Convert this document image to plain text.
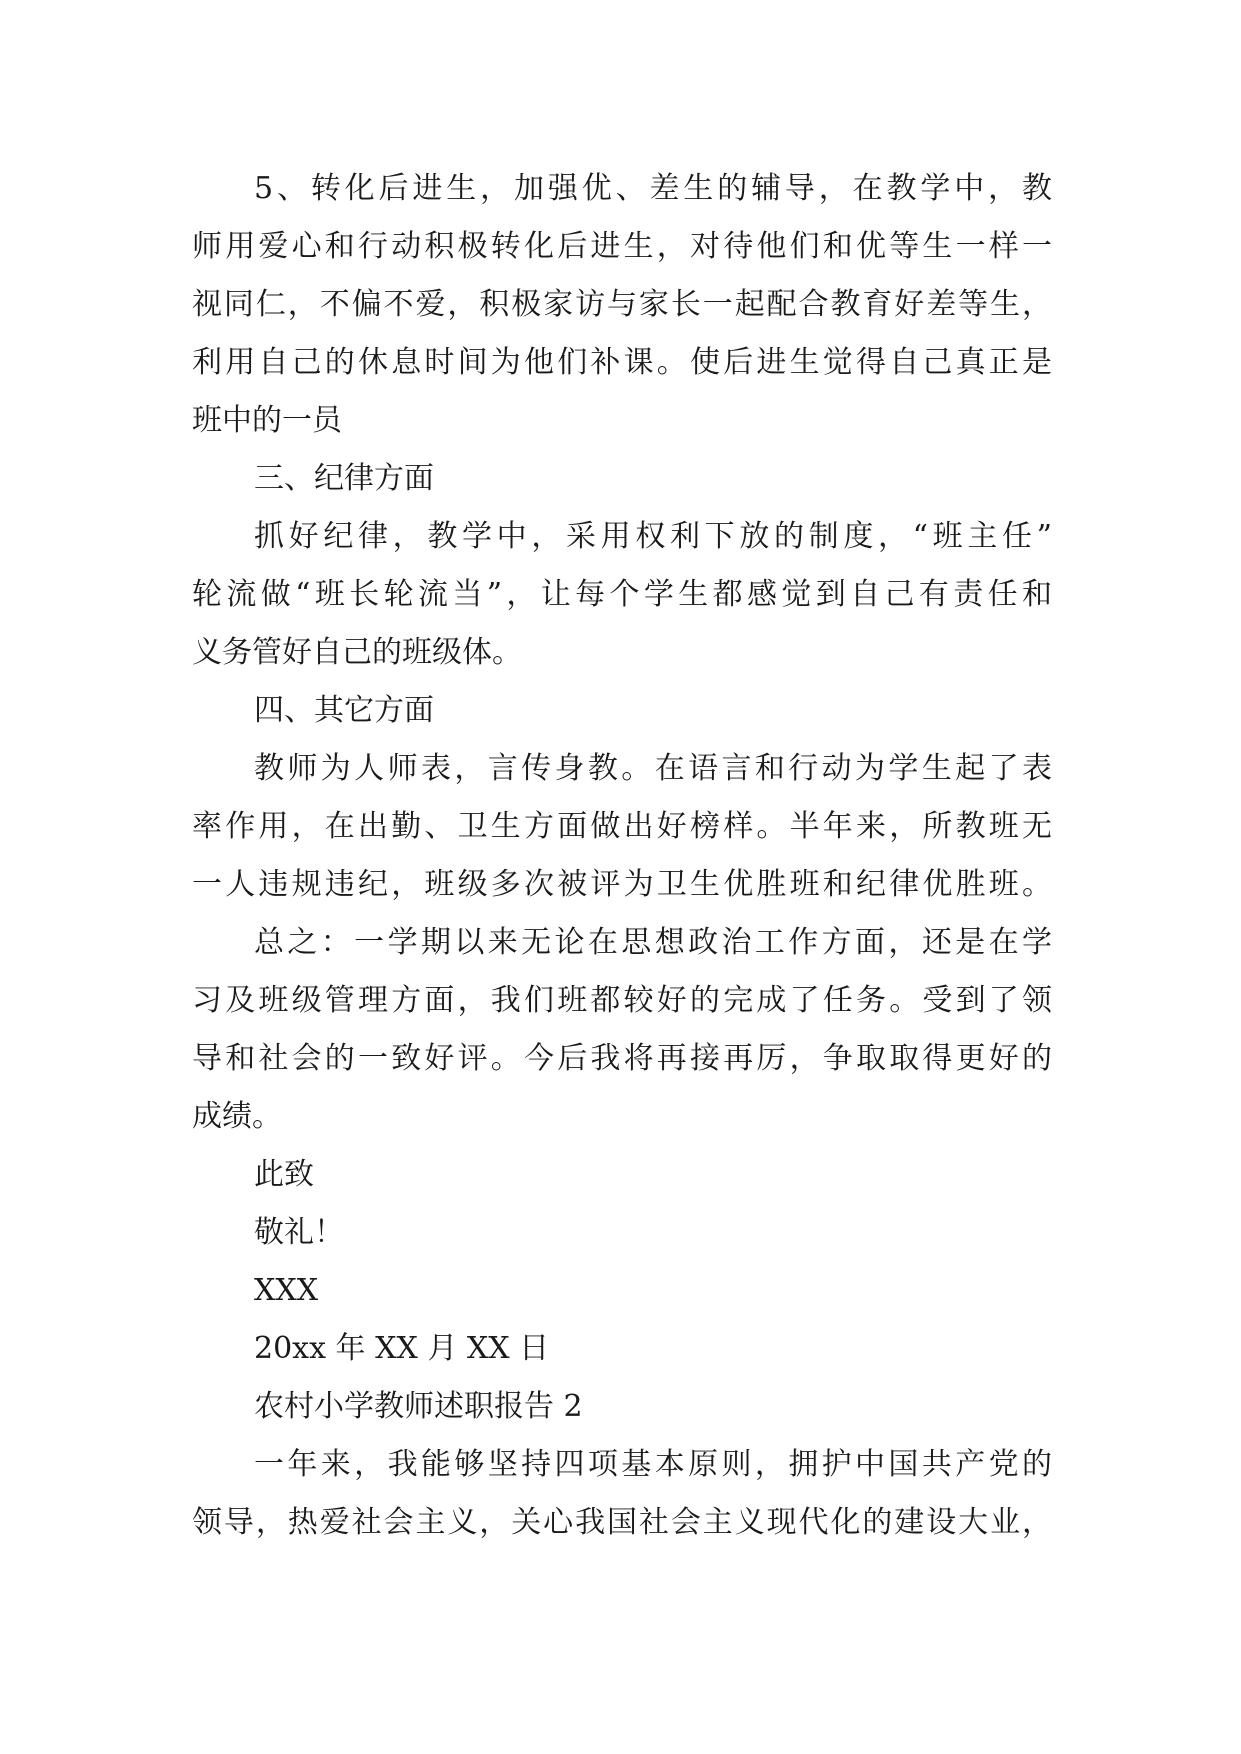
5、转化后进生，加强优、差生的辅导，在教学中，教
师用爱心和行动积极转化后进生，对待他们和优等生一样一
视同仁，不偏不爱，积极家访与家长一起配合教育好差等生，
利用自己的休息时间为他们补课。使后进生觉得自己真正是
班中的一员
三、纪律方面
抓好纪律，教学中，采用权利下放的制度，“班主任”
轮流做“班长轮流当”，让每个学生都感觉到自己有责任和
义务管好自己的班级体。
四、其它方面
教师为人师表，言传身教。在语言和行动为学生起了表
率作用，在出勤、卫生方面做出好榜样。半年来，所教班无
一人违规违纪，班级多次被评为卫生优胜班和纪律优胜班。
总之：一学期以来无论在思想政治工作方面，还是在学
习及班级管理方面，我们班都较好的完成了任务。受到了领
导和社会的一致好评。今后我将再接再厉，争取取得更好的
成绩。
此致
敬礼！
XXX
20xx 年 XX 月 XX 日
农村小学教师述职报告 2
一年来，我能够坚持四项基本原则，拥护中国共产党的
领导，热爱社会主义，关心我国社会主义现代化的建设大业，
